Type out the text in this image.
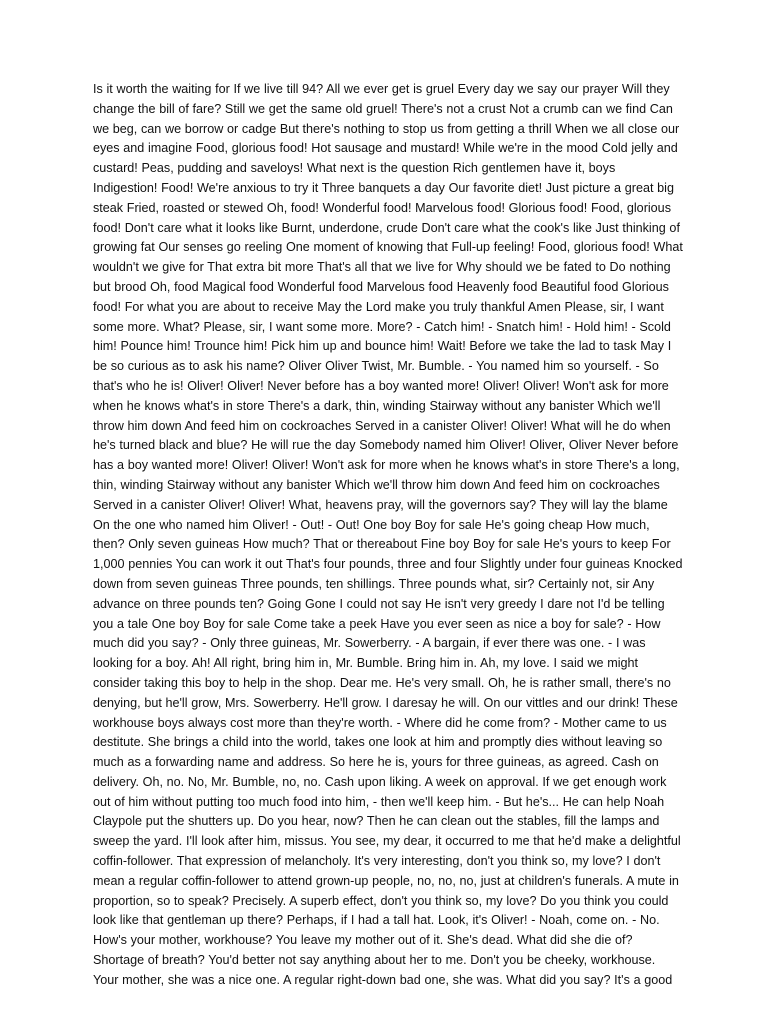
Is it worth the waiting for If we live till 94? All we ever get is gruel Every day we say our prayer Will they change the bill of fare? Still we get the same old gruel! There's not a crust Not a crumb can we find Can we beg, can we borrow or cadge But there's nothing to stop us from getting a thrill When we all close our eyes and imagine Food, glorious food! Hot sausage and mustard! While we're in the mood Cold jelly and custard! Peas, pudding and saveloys! What next is the question Rich gentlemen have it, boys Indigestion! Food! We're anxious to try it Three banquets a day Our favorite diet! Just picture a great big steak Fried, roasted or stewed Oh, food! Wonderful food! Marvelous food! Glorious food! Food, glorious food! Don't care what it looks like Burnt, underdone, crude Don't care what the cook's like Just thinking of growing fat Our senses go reeling One moment of knowing that Full-up feeling! Food, glorious food! What wouldn't we give for That extra bit more That's all that we live for Why should we be fated to Do nothing but brood Oh, food Magical food Wonderful food Marvelous food Heavenly food Beautiful food Glorious food! For what you are about to receive May the Lord make you truly thankful Amen Please, sir, I want some more. What? Please, sir, I want some more. More? - Catch him! - Snatch him! - Hold him! - Scold him! Pounce him! Trounce him! Pick him up and bounce him! Wait! Before we take the lad to task May I be so curious as to ask his name? Oliver Oliver Twist, Mr. Bumble. - You named him so yourself. - So that's who he is! Oliver! Oliver! Never before has a boy wanted more! Oliver! Oliver! Won't ask for more when he knows what's in store There's a dark, thin, winding Stairway without any banister Which we'll throw him down And feed him on cockroaches Served in a canister Oliver! Oliver! What will he do when he's turned black and blue? He will rue the day Somebody named him Oliver! Oliver, Oliver Never before has a boy wanted more! Oliver! Oliver! Won't ask for more when he knows what's in store There's a long, thin, winding Stairway without any banister Which we'll throw him down And feed him on cockroaches Served in a canister Oliver! Oliver! What, heavens pray, will the governors say? They will lay the blame On the one who named him Oliver! - Out! - Out! One boy Boy for sale He's going cheap How much, then? Only seven guineas How much? That or thereabout Fine boy Boy for sale He's yours to keep For 1,000 pennies You can work it out That's four pounds, three and four Slightly under four guineas Knocked down from seven guineas Three pounds, ten shillings. Three pounds what, sir? Certainly not, sir Any advance on three pounds ten? Going Gone I could not say He isn't very greedy I dare not I'd be telling you a tale One boy Boy for sale Come take a peek Have you ever seen as nice a boy for sale? - How much did you say? - Only three guineas, Mr. Sowerberry. - A bargain, if ever there was one. - I was looking for a boy. Ah! All right, bring him in, Mr. Bumble. Bring him in. Ah, my love. I said we might consider taking this boy to help in the shop. Dear me. He's very small. Oh, he is rather small, there's no denying, but he'll grow, Mrs. Sowerberry. He'll grow. I daresay he will. On our vittles and our drink! These workhouse boys always cost more than they're worth. - Where did he come from? - Mother came to us destitute. She brings a child into the world, takes one look at him and promptly dies without leaving so much as a forwarding name and address. So here he is, yours for three guineas, as agreed. Cash on delivery. Oh, no. No, Mr. Bumble, no, no. Cash upon liking. A week on approval. If we get enough work out of him without putting too much food into him, - then we'll keep him. - But he's... He can help Noah Claypole put the shutters up. Do you hear, now? Then he can clean out the stables, fill the lamps and sweep the yard. I'll look after him, missus. You see, my dear, it occurred to me that he'd make a delightful coffin-follower. That expression of melancholy. It's very interesting, don't you think so, my love? I don't mean a regular coffin-follower to attend grown-up people, no, no, no, just at children's funerals. A mute in proportion, so to speak? Precisely. A superb effect, don't you think so, my love? Do you think you could look like that gentleman up there? Perhaps, if I had a tall hat. Look, it's Oliver! - Noah, come on. - No. How's your mother, workhouse? You leave my mother out of it. She's dead. What did she die of? Shortage of breath? You'd better not say anything about her to me. Don't you be cheeky, workhouse. Your mother, she was a nice one. A regular right-down bad one, she was. What did you say? It's a good
